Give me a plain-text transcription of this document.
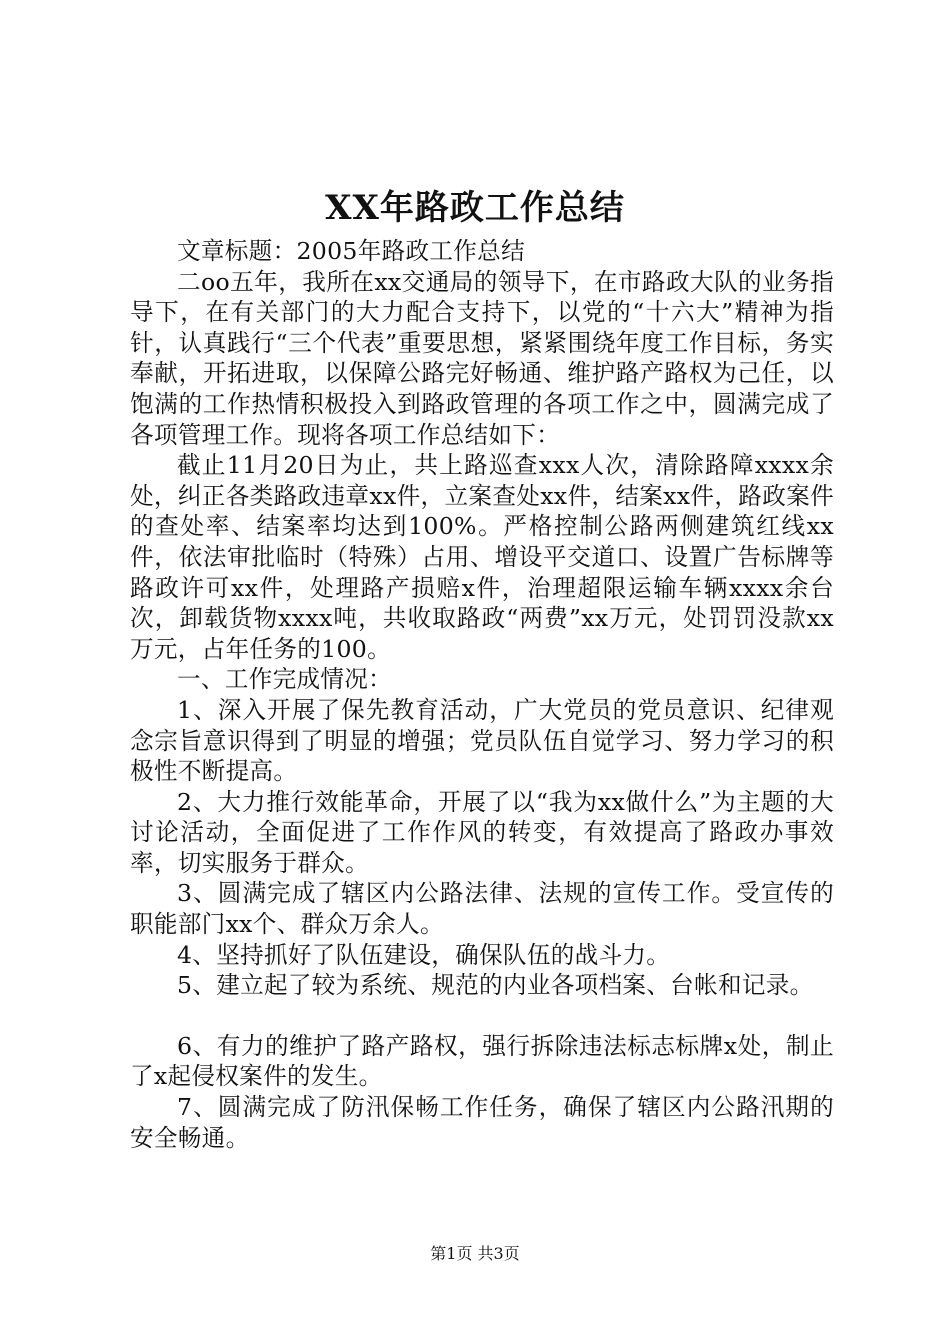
XX年路政工作总结

文章标题：2005年路政工作总结

二oo五年，我所在xx交通局的领导下，在市路政大队的业务指导下，在有关部门的大力配合支持下，以党的“十六大”精神为指针，认真践行“三个代表”重要思想，紧紧围绕年度工作目标，务实奉献，开拓进取，以保障公路完好畅通、维护路产路权为己任，以饱满的工作热情积极投入到路政管理的各项工作之中，圆满完成了各项管理工作。现将各项工作总结如下：

截止11月20日为止，共上路巡查xxx人次，清除路障xxxx余处，纠正各类路政违章xx件，立案查处xx件，结案xx件，路政案件的查处率、结案率均达到100%。严格控制公路两侧建筑红线xx件，依法审批临时（特殊）占用、增设平交道口、设置广告标牌等路政许可xx件，处理路产损赔x件，治理超限运输车辆xxxx余台次，卸载货物xxxx吨，共收取路政“两费”xx万元，处罚罚没款xx万元，占年任务的100。

一、工作完成情况：

1、深入开展了保先教育活动，广大党员的党员意识、纪律观念宗旨意识得到了明显的增强；党员队伍自觉学习、努力学习的积极性不断提高。

2、大力推行效能革命，开展了以“我为xx做什么”为主题的大讨论活动，全面促进了工作作风的转变，有效提高了路政办事效率，切实服务于群众。

3、圆满完成了辖区内公路法律、法规的宣传工作。受宣传的职能部门xx个、群众万余人。

4、坚持抓好了队伍建设，确保队伍的战斗力。

5、建立起了较为系统、规范的内业各项档案、台帐和记录。

6、有力的维护了路产路权，强行拆除违法标志标牌x处，制止了x起侵权案件的发生。

7、圆满完成了防汛保畅工作任务，确保了辖区内公路汛期的安全畅通。

第1页 共3页
